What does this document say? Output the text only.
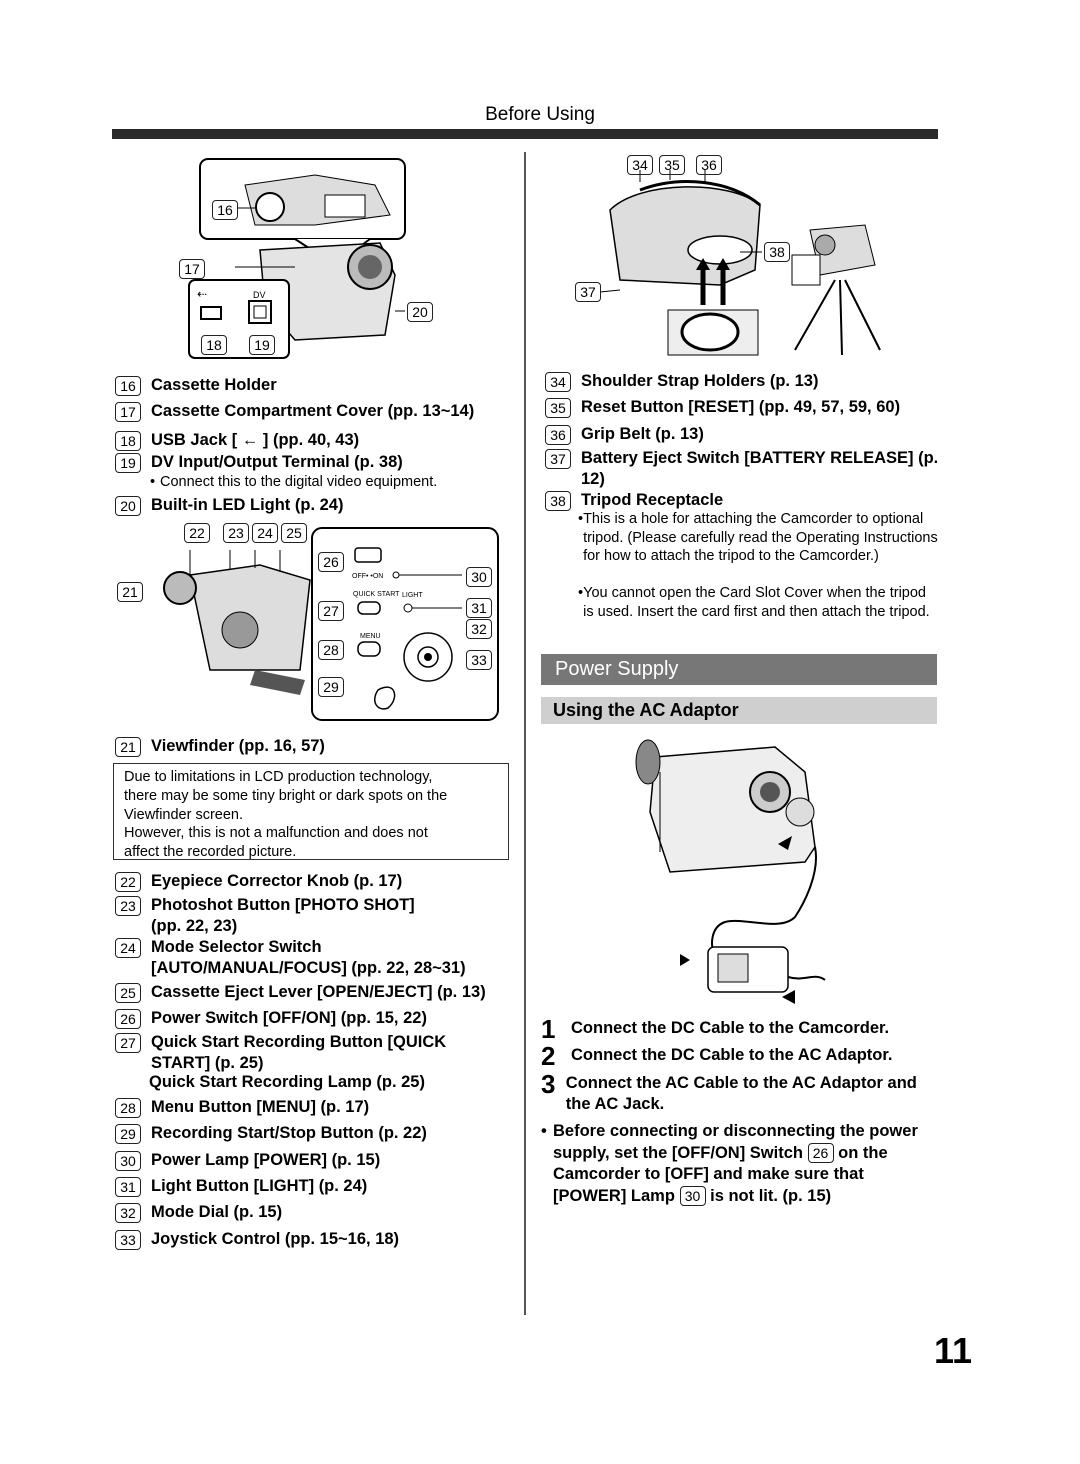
Before Using
⇠	DV
16
17
18	19
20
16 Cassette Holder
17 Cassette Compartment Cover (pp. 13~14)
18 USB Jack [ ← ] (pp. 40, 43)
19 DV Input/Output Terminal (p. 38)
• Connect this to the digital video equipment.
20 Built-in LED Light (p. 24)
OFF• •ON
QUICK START LIGHT
MENU
22	23 24 25
21
26
27
28
29
30
31
32
33
21 Viewfinder (pp. 16, 57)
Due to limitations in LCD production technology,
there may be some tiny bright or dark spots on the
Viewfinder screen.
However, this is not a malfunction and does not
affect the recorded picture.
22 Eyepiece Corrector Knob (p. 17)
23 Photoshot Button [PHOTO SHOT] (pp. 22, 23)
24 Mode Selector Switch [AUTO/MANUAL/FOCUS] (pp. 22, 28~31)
25 Cassette Eject Lever [OPEN/EJECT] (p. 13)
26 Power Switch [OFF/ON] (pp. 15, 22)
27 Quick Start Recording Button [QUICK START] (p. 25)
Quick Start Recording Lamp (p. 25)
28 Menu Button [MENU] (p. 17)
29 Recording Start/Stop Button (p. 22)
30 Power Lamp [POWER] (p. 15)
31 Light Button [LIGHT] (p. 24)
32 Mode Dial (p. 15)
33 Joystick Control (pp. 15~16, 18)
34	35	36
37
38
34 Shoulder Strap Holders (p. 13)
35 Reset Button [RESET] (pp. 49, 57, 59, 60)
36 Grip Belt (p. 13)
37 Battery Eject Switch [BATTERY RELEASE] (p. 12)
38 Tripod Receptacle
• This is a hole for attaching the Camcorder to optional tripod. (Please carefully read the Operating Instructions for how to attach the tripod to the Camcorder.)
• You cannot open the Card Slot Cover when the tripod is used. Insert the card first and then attach the tripod.
Power Supply
Using the AC Adaptor
1 Connect the DC Cable to the Camcorder.
2 Connect the DC Cable to the AC Adaptor.
3 Connect the AC Cable to the AC Adaptor and the AC Jack.
• Before connecting or disconnecting the power supply, set the [OFF/ON] Switch 26 on the Camcorder to [OFF] and make sure that [POWER] Lamp 30 is not lit. (p. 15)
11
